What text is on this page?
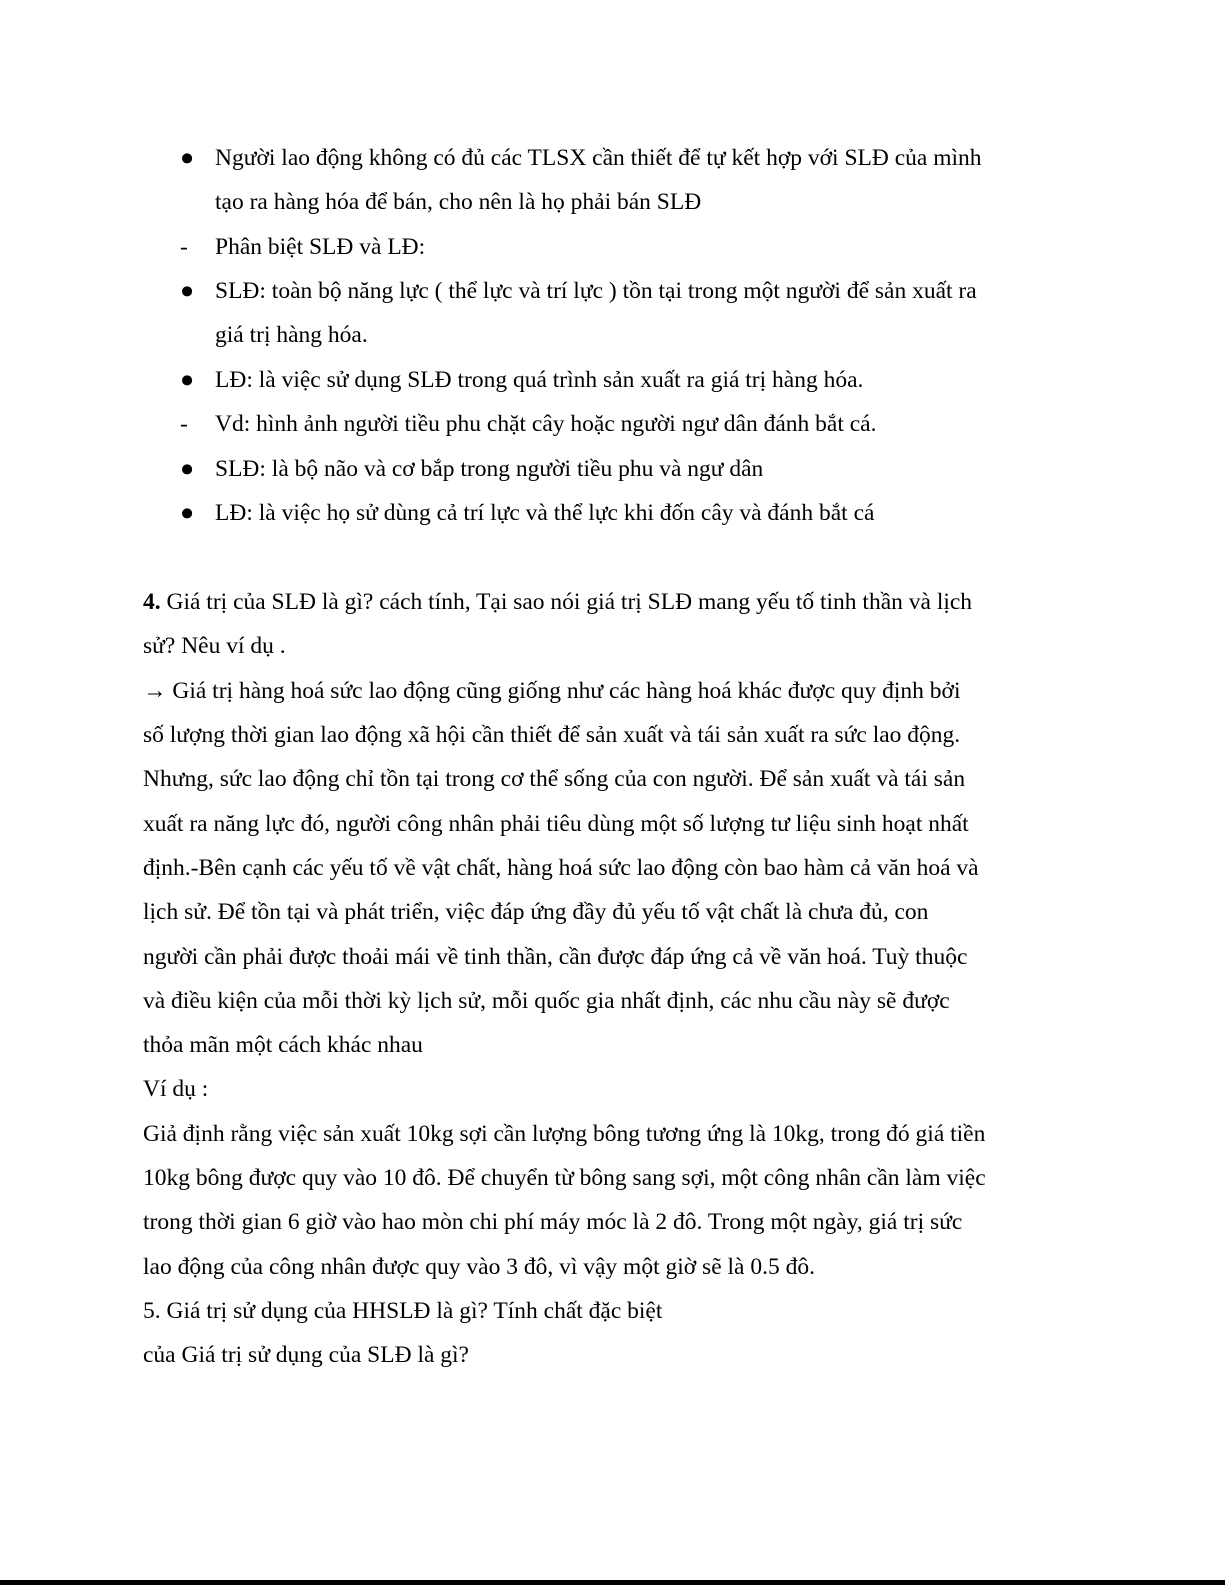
● Người lao động không có đủ các TLSX cần thiết để tự kết hợp với SLĐ của mình
tạo ra hàng hóa để bán, cho nên là họ phải bán SLĐ
- Phân biệt SLĐ và LĐ:
● SLĐ: toàn bộ năng lực ( thể lực và trí lực ) tồn tại trong một người để sản xuất ra
giá trị hàng hóa.
● LĐ: là việc sử dụng SLĐ trong quá trình sản xuất ra giá trị hàng hóa.
- Vd: hình ảnh người tiều phu chặt cây hoặc người ngư dân đánh bắt cá.
● SLĐ: là bộ não và cơ bắp trong người tiều phu và ngư dân
● LĐ: là việc họ sử dùng cả trí lực và thể lực khi đốn cây và đánh bắt cá
4. Giá trị của SLĐ là gì? cách tính, Tại sao nói giá trị SLĐ mang yếu tố tinh thần và lịch
sử? Nêu ví dụ .
→ Giá trị hàng hoá sức lao động cũng giống như các hàng hoá khác được quy định bởi
số lượng thời gian lao động xã hội cần thiết để sản xuất và tái sản xuất ra sức lao động.
Nhưng, sức lao động chỉ tồn tại trong cơ thể sống của con người. Để sản xuất và tái sản
xuất ra năng lực đó, người công nhân phải tiêu dùng một số lượng tư liệu sinh hoạt nhất
định.-Bên cạnh các yếu tố về vật chất, hàng hoá sức lao động còn bao hàm cả văn hoá và
lịch sử. Để tồn tại và phát triển, việc đáp ứng đầy đủ yếu tố vật chất là chưa đủ, con
người cần phải được thoải mái về tinh thần, cần được đáp ứng cả về văn hoá. Tuỳ thuộc
và điều kiện của mỗi thời kỳ lịch sử, mỗi quốc gia nhất định, các nhu cầu này sẽ được
thỏa mãn một cách khác nhau
Ví dụ :
Giả định rằng việc sản xuất 10kg sợi cần lượng bông tương ứng là 10kg, trong đó giá tiền
10kg bông được quy vào 10 đô. Để chuyển từ bông sang sợi, một công nhân cần làm việc
trong thời gian 6 giờ vào hao mòn chi phí máy móc là 2 đô. Trong một ngày, giá trị sức
lao động của công nhân được quy vào 3 đô, vì vậy một giờ sẽ là 0.5 đô.
5. Giá trị sử dụng của HHSLĐ là gì? Tính chất đặc biệt
của Giá trị sử dụng của SLĐ là gì?
